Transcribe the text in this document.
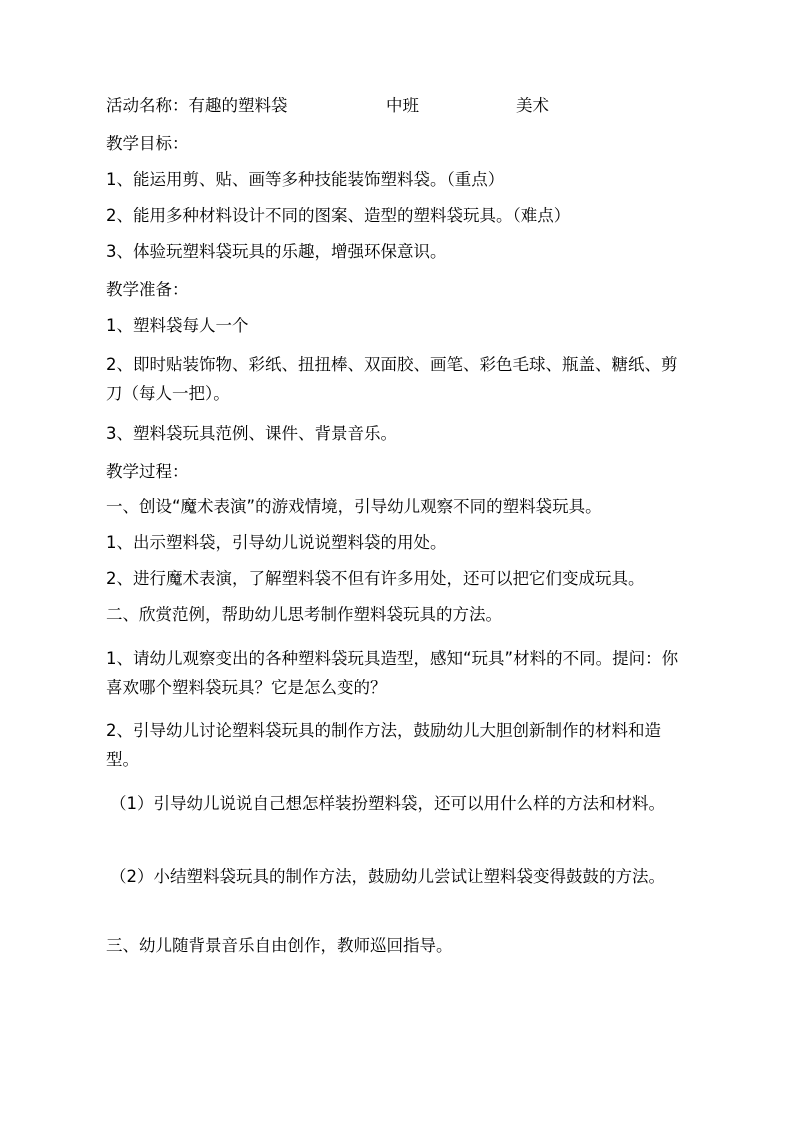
活动名称：有趣的塑料袋	中班	美术
教学目标：
1、能运用剪、贴、画等多种技能装饰塑料袋。（重点）
2、能用多种材料设计不同的图案、造型的塑料袋玩具。（难点）
3、体验玩塑料袋玩具的乐趣，增强环保意识。
教学准备：
1、塑料袋每人一个
2、即时贴装饰物、彩纸、扭扭棒、双面胶、画笔、彩色毛球、瓶盖、糖纸、剪刀（每人一把）。
3、塑料袋玩具范例、课件、背景音乐。
教学过程：
一、创设“魔术表演”的游戏情境，引导幼儿观察不同的塑料袋玩具。
1、出示塑料袋，引导幼儿说说塑料袋的用处。
2、进行魔术表演，了解塑料袋不但有许多用处，还可以把它们变成玩具。
二、欣赏范例，帮助幼儿思考制作塑料袋玩具的方法。
1、请幼儿观察变出的各种塑料袋玩具造型，感知“玩具”材料的不同。提问：你喜欢哪个塑料袋玩具？它是怎么变的？
2、引导幼儿讨论塑料袋玩具的制作方法，鼓励幼儿大胆创新制作的材料和造型。
（1）引导幼儿说说自己想怎样装扮塑料袋，还可以用什么样的方法和材料。
（2）小结塑料袋玩具的制作方法，鼓励幼儿尝试让塑料袋变得鼓鼓的方法。
三、幼儿随背景音乐自由创作，教师巡回指导。
